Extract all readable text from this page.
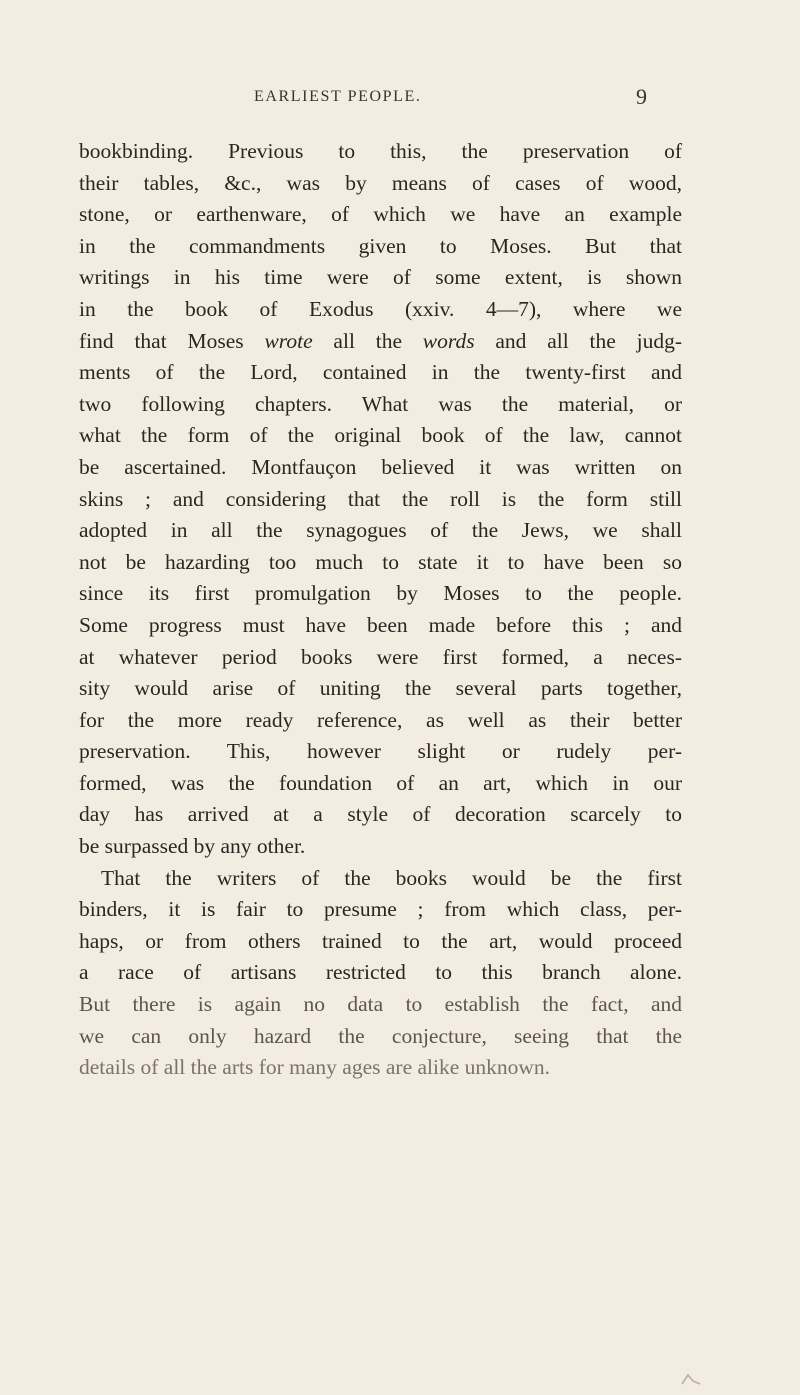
EARLIEST PEOPLE.	9
bookbinding. Previous to this, the preservation of
their tables, &c., was by means of cases of wood,
stone, or earthenware, of which we have an example
in the commandments given to Moses. But that
writings in his time were of some extent, is shown
in the book of Exodus (xxiv. 4—7), where we
find that Moses wrote all the words and all the judg-
ments of the Lord, contained in the twenty-first and
two following chapters. What was the material, or
what the form of the original book of the law, cannot
be ascertained. Montfauçon believed it was written on
skins ; and considering that the roll is the form still
adopted in all the synagogues of the Jews, we shall
not be hazarding too much to state it to have been so
since its first promulgation by Moses to the people.
Some progress must have been made before this ; and
at whatever period books were first formed, a neces-
sity would arise of uniting the several parts together,
for the more ready reference, as well as their better
preservation. This, however slight or rudely per-
formed, was the foundation of an art, which in our
day has arrived at a style of decoration scarcely to
be surpassed by any other.
That the writers of the books would be the first
binders, it is fair to presume ; from which class, per-
haps, or from others trained to the art, would proceed
a race of artisans restricted to this branch alone.
But there is again no data to establish the fact, and
we can only hazard the conjecture, seeing that the
details of all the arts for many ages are alike unknown.
